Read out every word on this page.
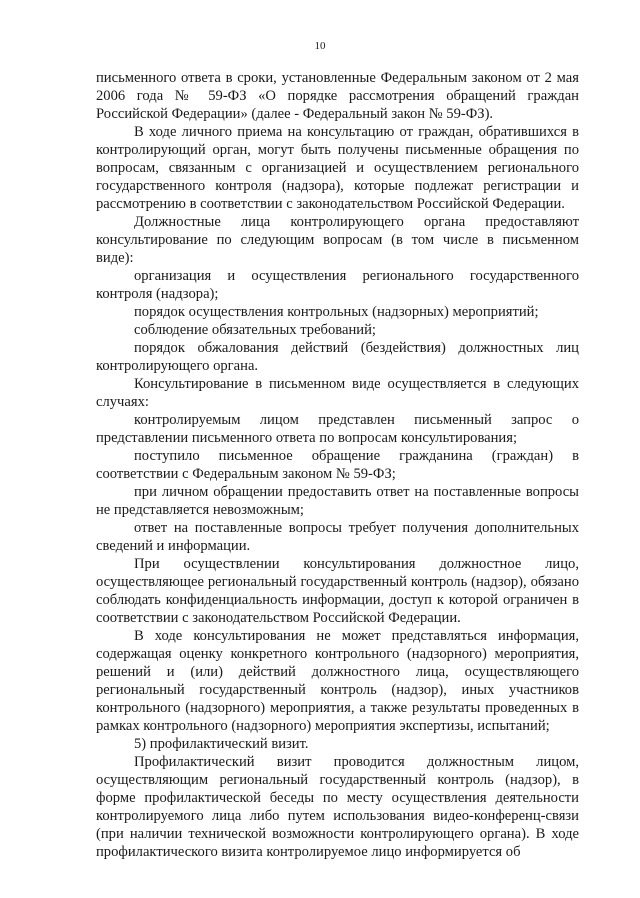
10

письменного ответа в сроки, установленные Федеральным законом от 2 мая 2006 года № 59-ФЗ «О порядке рассмотрения обращений граждан Российской Федерации» (далее - Федеральный закон № 59-ФЗ).

В ходе личного приема на консультацию от граждан, обратившихся в контролирующий орган, могут быть получены письменные обращения по вопросам, связанным с организацией и осуществлением регионального государственного контроля (надзора), которые подлежат регистрации и рассмотрению в соответствии с законодательством Российской Федерации.

Должностные лица контролирующего органа предоставляют консультирование по следующим вопросам (в том числе в письменном виде):

организация и осуществления регионального государственного контроля (надзора);

порядок осуществления контрольных (надзорных) мероприятий;

соблюдение обязательных требований;

порядок обжалования действий (бездействия) должностных лиц контролирующего органа.

Консультирование в письменном виде осуществляется в следующих случаях:

контролируемым лицом представлен письменный запрос о представлении письменного ответа по вопросам консультирования;

поступило письменное обращение гражданина (граждан) в соответствии с Федеральным законом № 59-ФЗ;

при личном обращении предоставить ответ на поставленные вопросы не представляется невозможным;

ответ на поставленные вопросы требует получения дополнительных сведений и информации.

При осуществлении консультирования должностное лицо, осуществляющее региональный государственный контроль (надзор), обязано соблюдать конфиденциальность информации, доступ к которой ограничен в соответствии с законодательством Российской Федерации.

В ходе консультирования не может представляться информация, содержащая оценку конкретного контрольного (надзорного) мероприятия, решений и (или) действий должностного лица, осуществляющего региональный государственный контроль (надзор), иных участников контрольного (надзорного) мероприятия, а также результаты проведенных в рамках контрольного (надзорного) мероприятия экспертизы, испытаний;

5) профилактический визит.

Профилактический визит проводится должностным лицом, осуществляющим региональный государственный контроль (надзор), в форме профилактической беседы по месту осуществления деятельности контролируемого лица либо путем использования видео-конференц-связи (при наличии технической возможности контролирующего органа). В ходе профилактического визита контролируемое лицо информируется об
